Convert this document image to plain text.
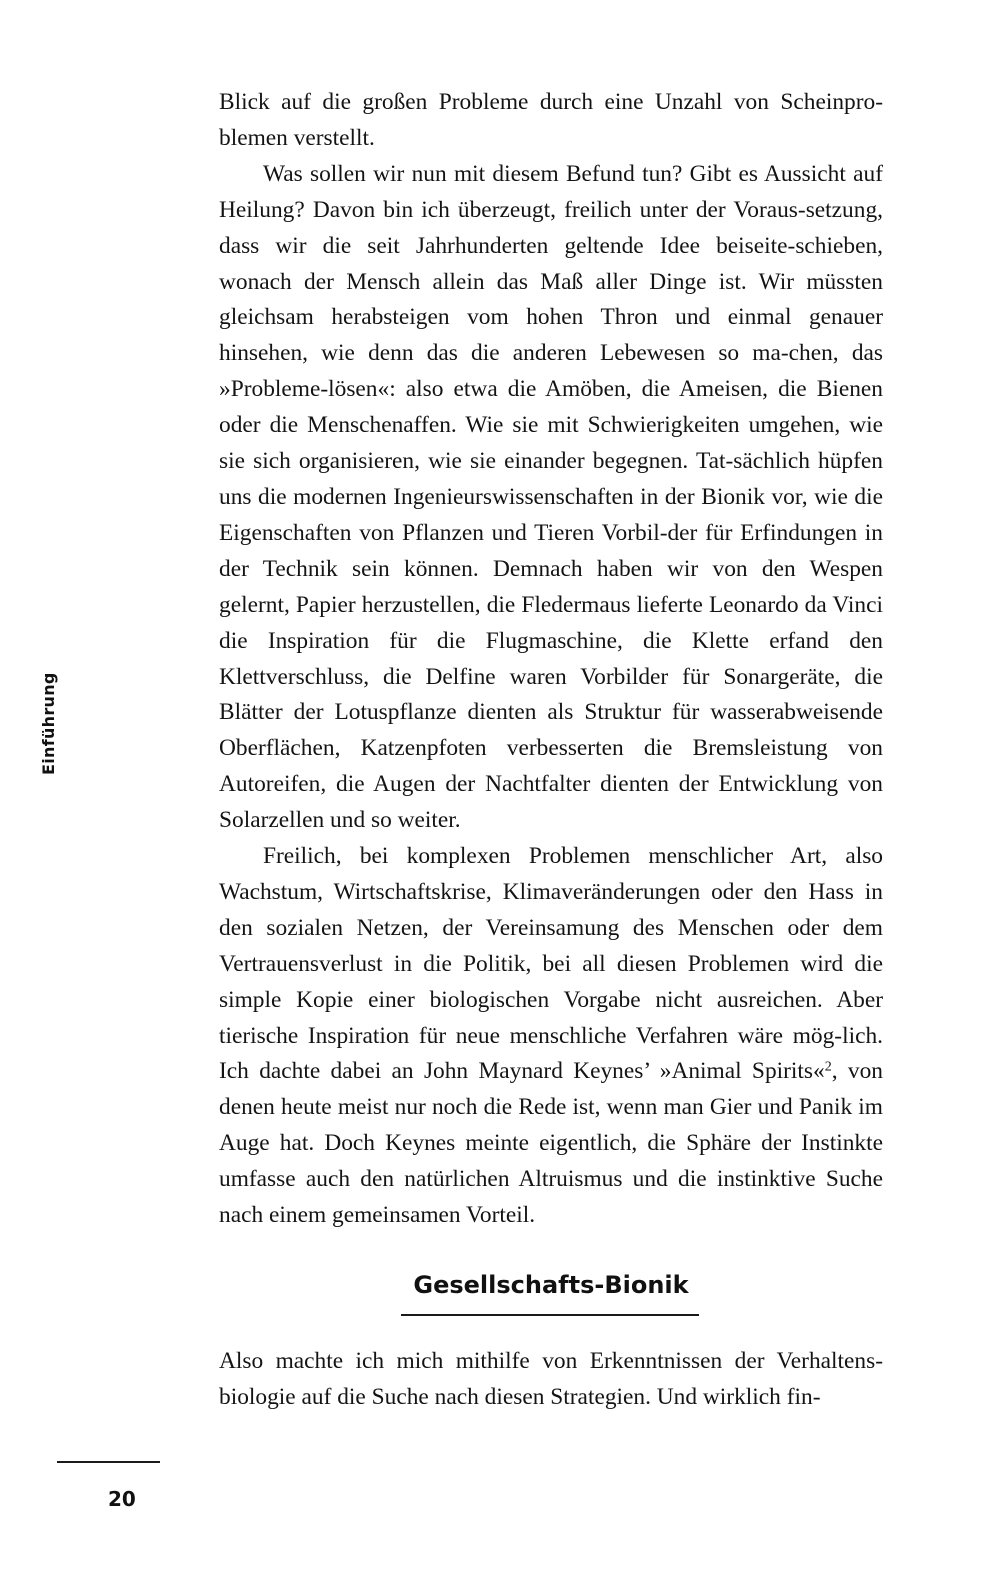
Einführung

Blick auf die großen Probleme durch eine Unzahl von Scheinpro-blemen verstellt.

Was sollen wir nun mit diesem Befund tun? Gibt es Aussicht auf Heilung? Davon bin ich überzeugt, freilich unter der Voraus-setzung, dass wir die seit Jahrhunderten geltende Idee beiseite-schieben, wonach der Mensch allein das Maß aller Dinge ist. Wir müssten gleichsam herabsteigen vom hohen Thron und einmal genauer hinsehen, wie denn das die anderen Lebewesen so ma-chen, das »Probleme-lösen«: also etwa die Amöben, die Ameisen, die Bienen oder die Menschenaffen. Wie sie mit Schwierigkeiten umgehen, wie sie sich organisieren, wie sie einander begegnen. Tat-sächlich hüpfen uns die modernen Ingenieurswissenschaften in der Bionik vor, wie die Eigenschaften von Pflanzen und Tieren Vorbil-der für Erfindungen in der Technik sein können. Demnach haben wir von den Wespen gelernt, Papier herzustellen, die Fledermaus lieferte Leonardo da Vinci die Inspiration für die Flugmaschine, die Klette erfand den Klettverschluss, die Delfine waren Vorbilder für Sonargeräte, die Blätter der Lotuspflanze dienten als Struktur für wasserabweisende Oberflächen, Katzenpfoten verbesserten die Bremsleistung von Autoreifen, die Augen der Nachtfalter dienten der Entwicklung von Solarzellen und so weiter.

Freilich, bei komplexen Problemen menschlicher Art, also Wachstum, Wirtschaftskrise, Klimaveränderungen oder den Hass in den sozialen Netzen, der Vereinsamung des Menschen oder dem Vertrauensverlust in die Politik, bei all diesen Problemen wird die simple Kopie einer biologischen Vorgabe nicht ausreichen. Aber tierische Inspiration für neue menschliche Verfahren wäre mög-lich. Ich dachte dabei an John Maynard Keynes’ »Animal Spirits«$^2$, von denen heute meist nur noch die Rede ist, wenn man Gier und Panik im Auge hat. Doch Keynes meinte eigentlich, die Sphäre der Instinkte umfasse auch den natürlichen Altruismus und die instinktive Suche nach einem gemeinsamen Vorteil.

Gesellschafts-Bionik

Also machte ich mich mithilfe von Erkenntnissen der Verhaltens-biologie auf die Suche nach diesen Strategien. Und wirklich fin-

20
